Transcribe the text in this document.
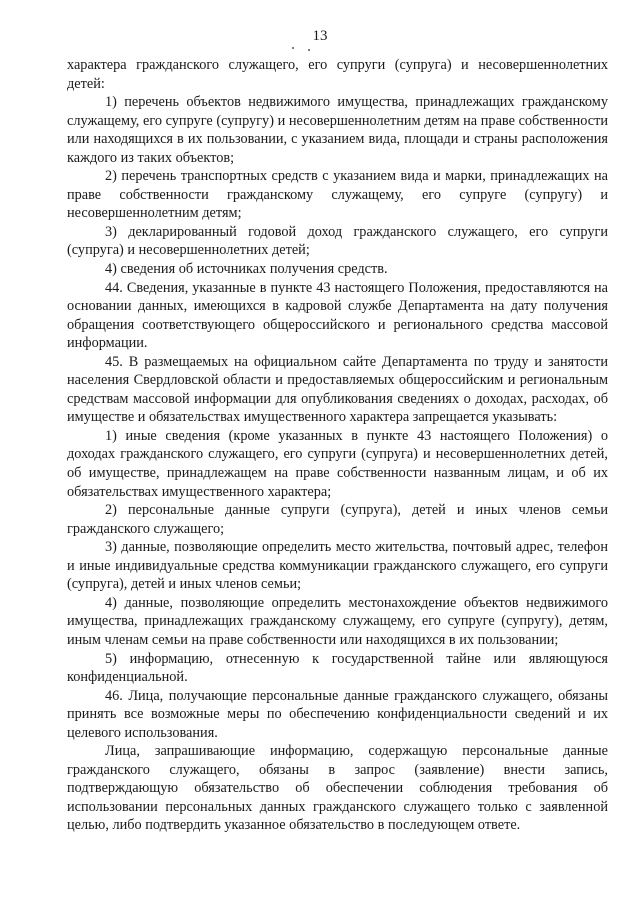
13

характера гражданского служащего, его супруги (супруга) и несовершеннолетних детей:

1) перечень объектов недвижимого имущества, принадлежащих гражданскому служащему, его супруге (супругу) и несовершеннолетним детям на праве собственности или находящихся в их пользовании, с указанием вида, площади и страны расположения каждого из таких объектов;

2) перечень транспортных средств с указанием вида и марки, принадлежащих на праве собственности гражданскому служащему, его супруге (супругу) и несовершеннолетним детям;

3) декларированный годовой доход гражданского служащего, его супруги (супруга) и несовершеннолетних детей;

4) сведения об источниках получения средств.

44. Сведения, указанные в пункте 43 настоящего Положения, предоставляются на основании данных, имеющихся в кадровой службе Департамента на дату получения обращения соответствующего общероссийского и регионального средства массовой информации.

45. В размещаемых на официальном сайте Департамента по труду и занятости населения Свердловской области и предоставляемых общероссийским и региональным средствам массовой информации для опубликования сведениях о доходах, расходах, об имуществе и обязательствах имущественного характера запрещается указывать:

1) иные сведения (кроме указанных в пункте 43 настоящего Положения) о доходах гражданского служащего, его супруги (супруга) и несовершеннолетних детей, об имуществе, принадлежащем на праве собственности названным лицам, и об их обязательствах имущественного характера;

2) персональные данные супруги (супруга), детей и иных членов семьи гражданского служащего;

3) данные, позволяющие определить место жительства, почтовый адрес, телефон и иные индивидуальные средства коммуникации гражданского служащего, его супруги (супруга), детей и иных членов семьи;

4) данные, позволяющие определить местонахождение объектов недвижимого имущества, принадлежащих гражданскому служащему, его супруге (супругу), детям, иным членам семьи на праве собственности или находящихся в их пользовании;

5) информацию, отнесенную к государственной тайне или являющуюся конфиденциальной.

46. Лица, получающие персональные данные гражданского служащего, обязаны принять все возможные меры по обеспечению конфиденциальности сведений и их целевого использования.

Лица, запрашивающие информацию, содержащую персональные данные гражданского служащего, обязаны в запрос (заявление) внести запись, подтверждающую обязательство об обеспечении соблюдения требования об использовании персональных данных гражданского служащего только с заявленной целью, либо подтвердить указанное обязательство в последующем ответе.
